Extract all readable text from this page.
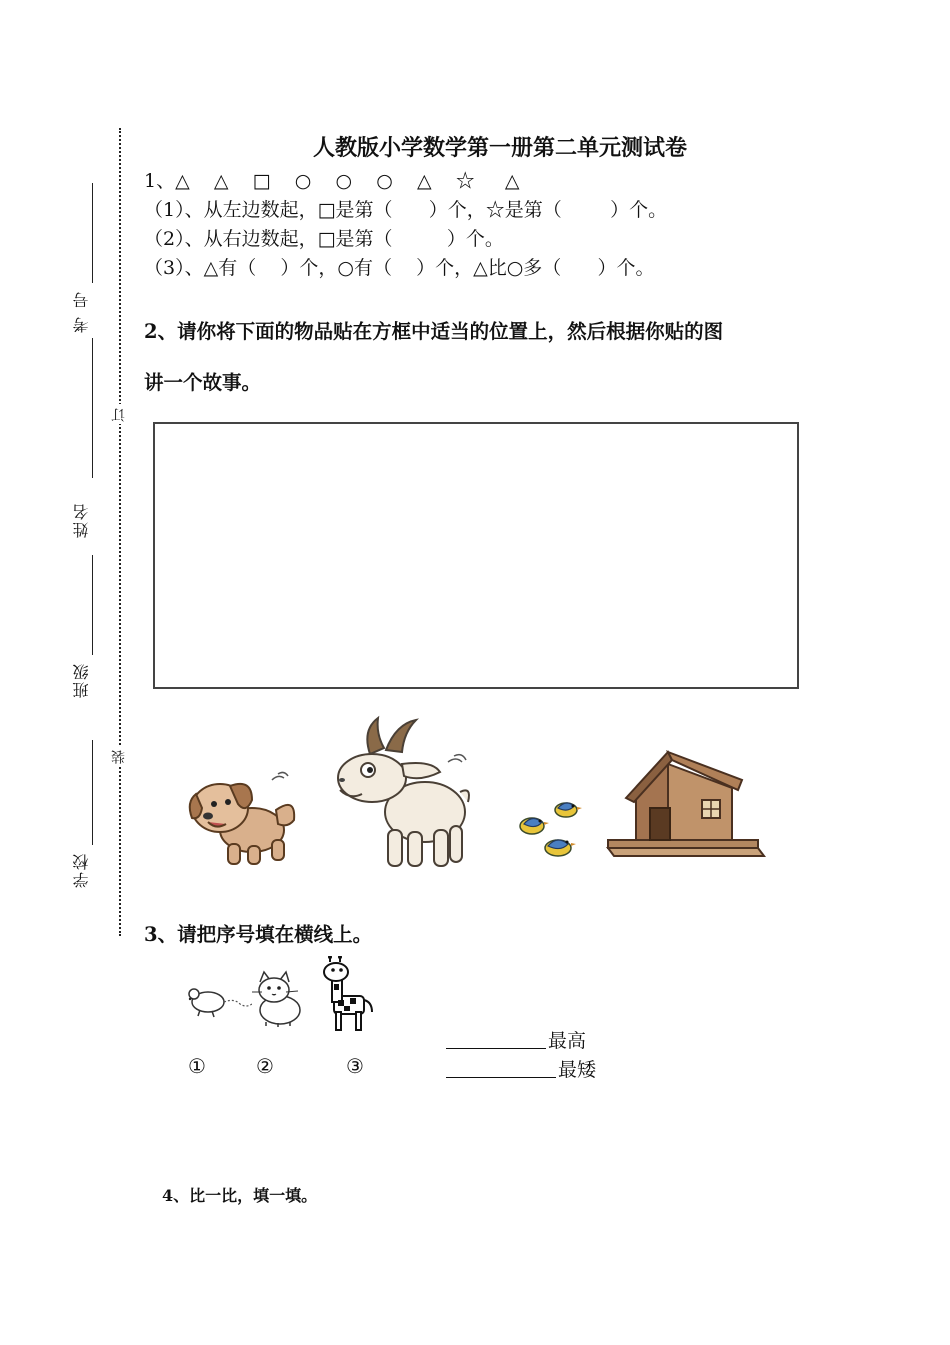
考 号
姓名
班级
学校
订
装
人教版小学数学第一册第二单元测试卷
1、△    △    □    ○    ○    ○    △    ☆     △
（1）、从左边数起，□是第（      ）个，☆是第（        ）个。
（2）、从右边数起，□是第（         ）个。
（3）、△有（    ）个，○有（    ）个，△比○多（      ）个。
2、请你将下面的物品贴在方框中适当的位置上，然后根据你贴的图
讲一个故事。
3、请把序号填在横线上。
①	②	③
最高
最矮
4、比一比，填一填。
